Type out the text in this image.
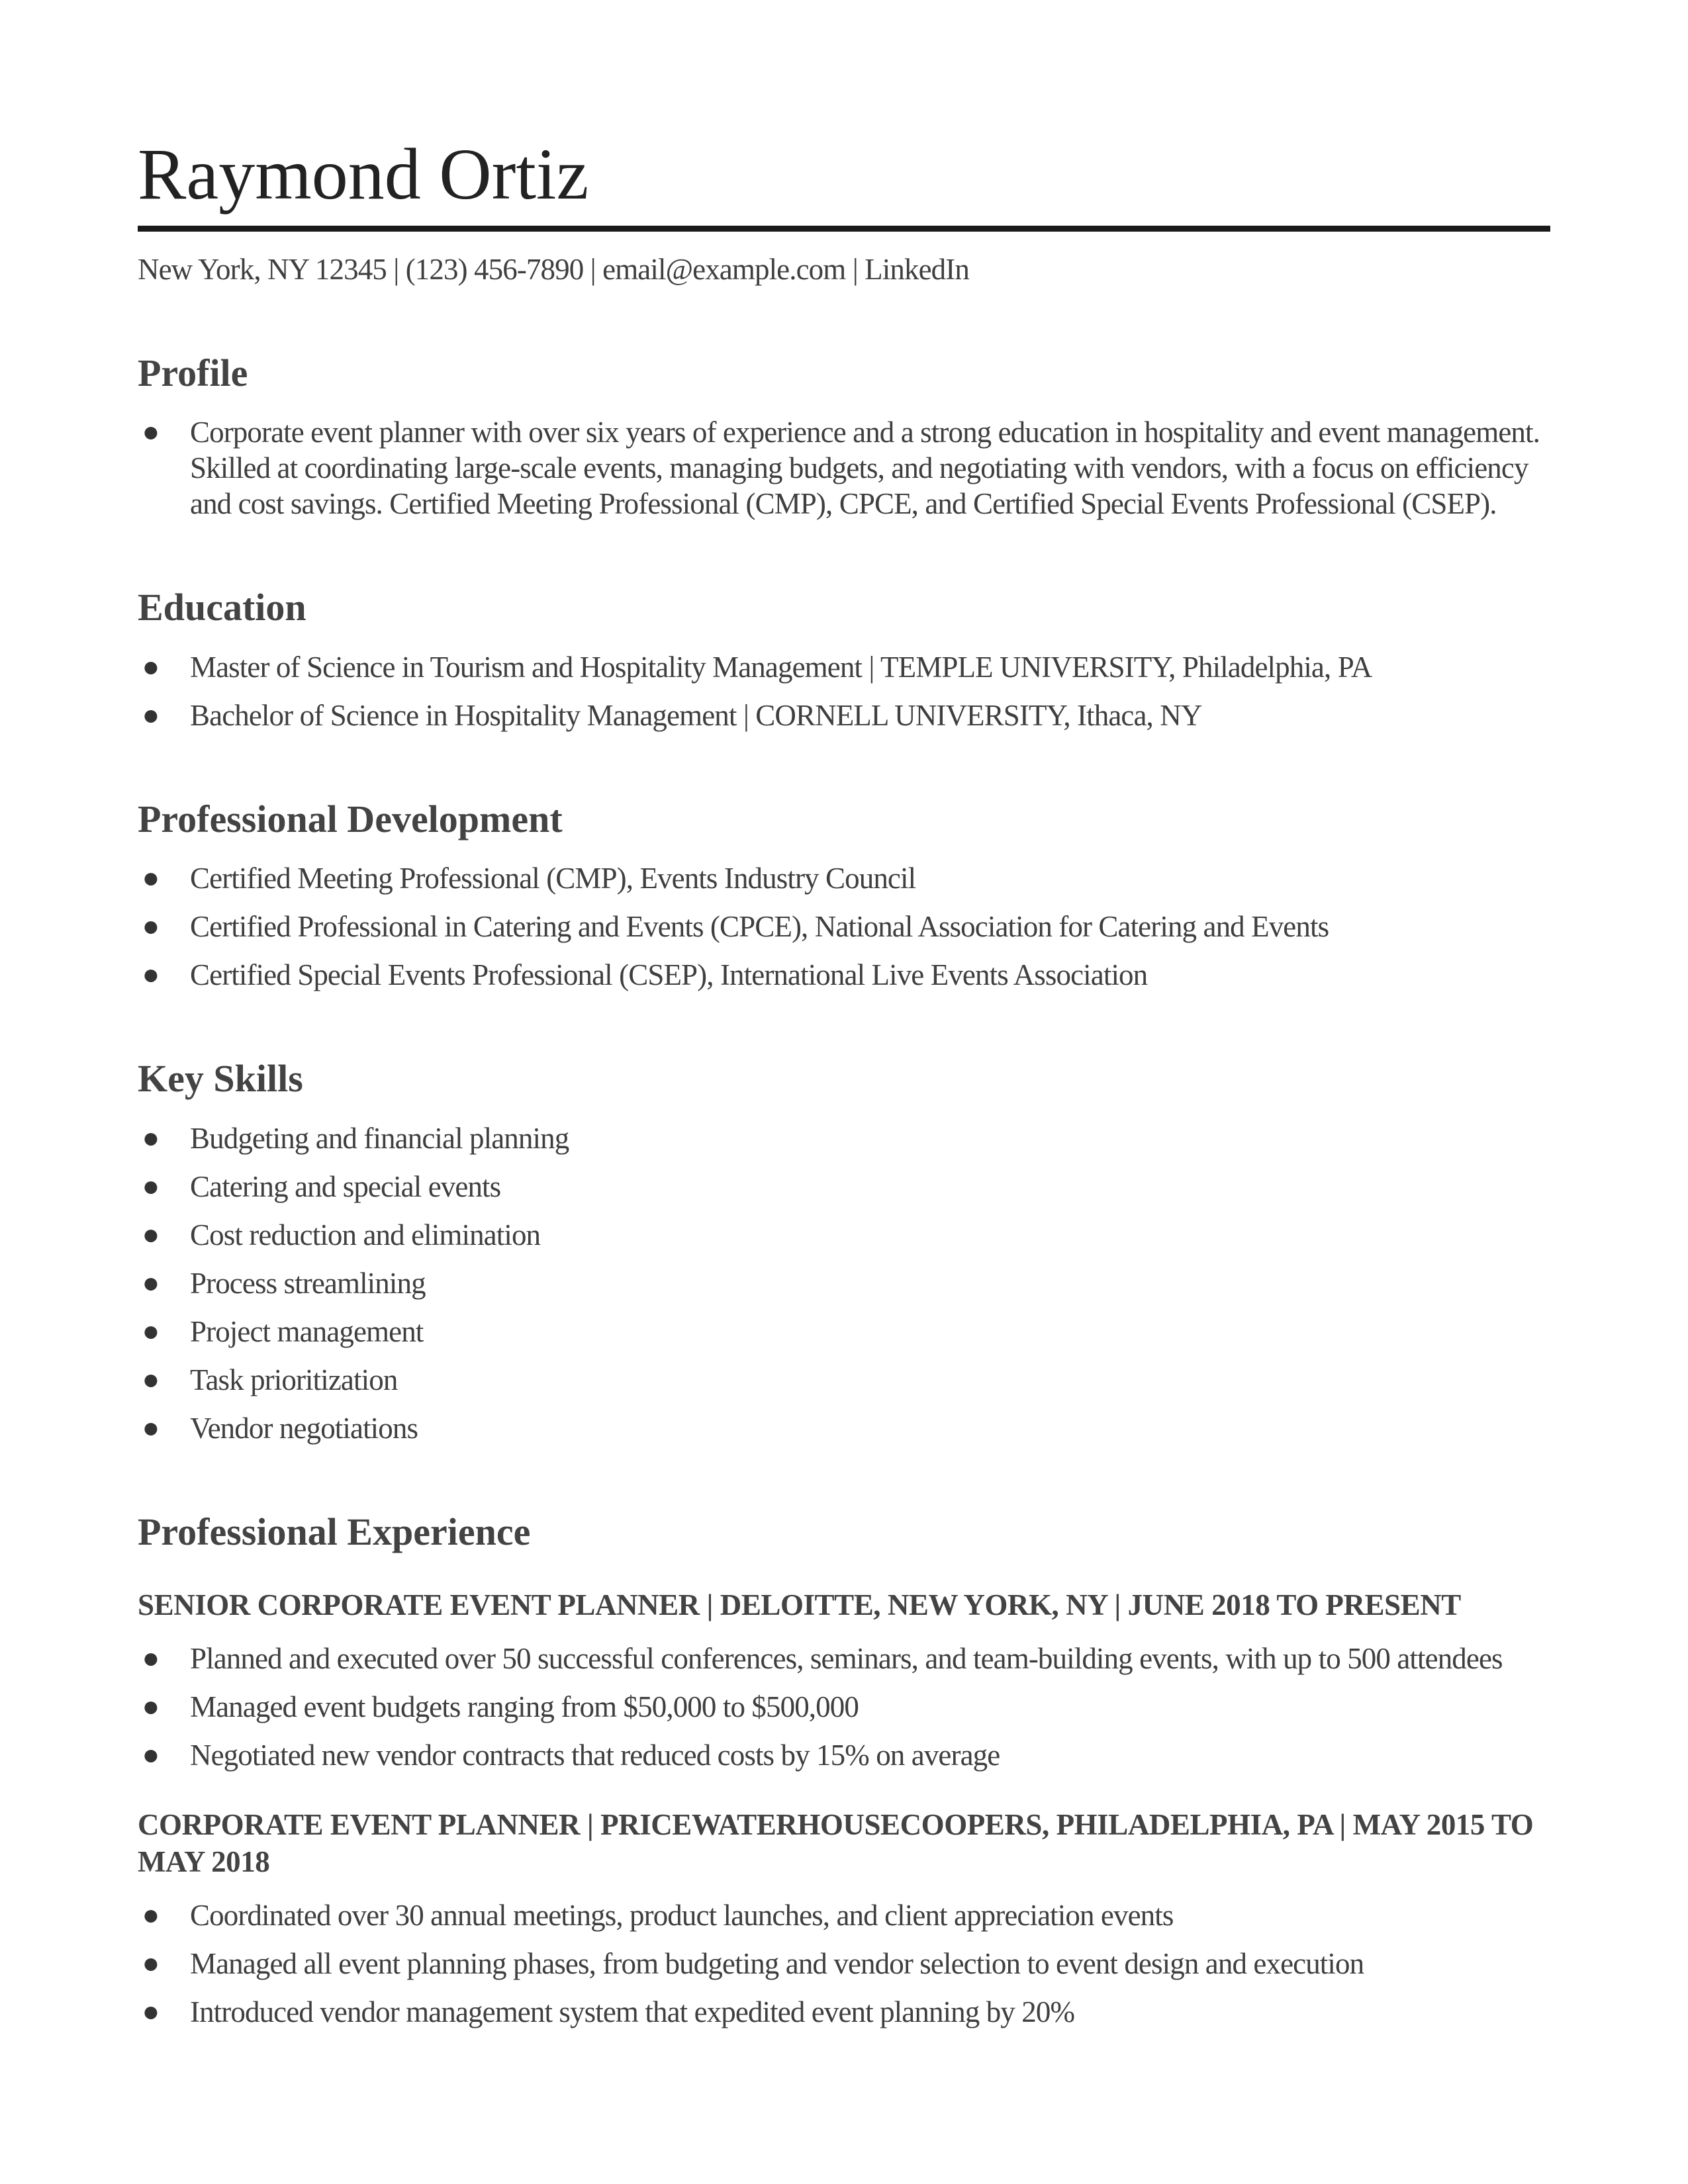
Raymond Ortiz
New York, NY 12345 | (123) 456-7890 | email@example.com | LinkedIn
Profile
●	Corporate event planner with over six years of experience and a strong education in hospitality and event management. Skilled at coordinating large-scale events, managing budgets, and negotiating with vendors, with a focus on efficiency and cost savings. Certified Meeting Professional (CMP), CPCE, and Certified Special Events Professional (CSEP).
Education
●	Master of Science in Tourism and Hospitality Management | TEMPLE UNIVERSITY, Philadelphia, PA
●	Bachelor of Science in Hospitality Management | CORNELL UNIVERSITY, Ithaca, NY
Professional Development
●	Certified Meeting Professional (CMP), Events Industry Council
●	Certified Professional in Catering and Events (CPCE), National Association for Catering and Events
●	Certified Special Events Professional (CSEP), International Live Events Association
Key Skills
●	Budgeting and financial planning
●	Catering and special events
●	Cost reduction and elimination
●	Process streamlining
●	Project management
●	Task prioritization
●	Vendor negotiations
Professional Experience
SENIOR CORPORATE EVENT PLANNER | DELOITTE, NEW YORK, NY | JUNE 2018 TO PRESENT
●	Planned and executed over 50 successful conferences, seminars, and team-building events, with up to 500 attendees
●	Managed event budgets ranging from $50,000 to $500,000
●	Negotiated new vendor contracts that reduced costs by 15% on average
CORPORATE EVENT PLANNER | PRICEWATERHOUSECOOPERS, PHILADELPHIA, PA | MAY 2015 TO MAY 2018
●	Coordinated over 30 annual meetings, product launches, and client appreciation events
●	Managed all event planning phases, from budgeting and vendor selection to event design and execution
●	Introduced vendor management system that expedited event planning by 20%
